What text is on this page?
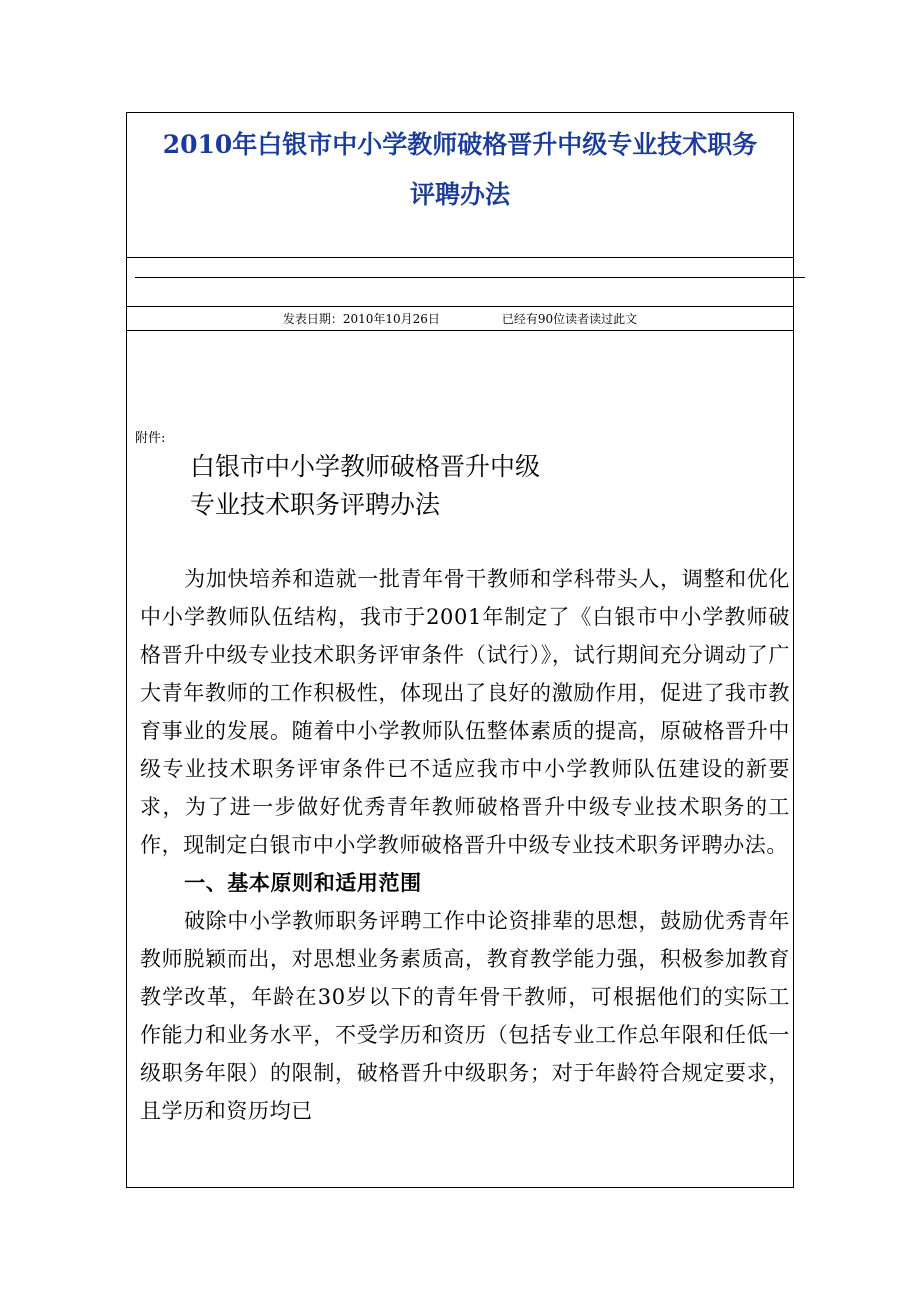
2010年白银市中小学教师破格晋升中级专业技术职务
评聘办法
发表日期：2010年10月26日	已经有90位读者读过此文
附件:
白银市中小学教师破格晋升中级
专业技术职务评聘办法

为加快培养和造就一批青年骨干教师和学科带头人，调整和优化中小学教师队伍结构，我市于2001年制定了《白银市中小学教师破格晋升中级专业技术职务评审条件（试行）》，试行期间充分调动了广大青年教师的工作积极性，体现出了良好的激励作用，促进了我市教育事业的发展。随着中小学教师队伍整体素质的提高，原破格晋升中级专业技术职务评审条件已不适应我市中小学教师队伍建设的新要求，为了进一步做好优秀青年教师破格晋升中级专业技术职务的工作，现制定白银市中小学教师破格晋升中级专业技术职务评聘办法。

一、基本原则和适用范围

破除中小学教师职务评聘工作中论资排辈的思想，鼓励优秀青年教师脱颖而出，对思想业务素质高，教育教学能力强，积极参加教育教学改革，年龄在30岁以下的青年骨干教师，可根据他们的实际工作能力和业务水平，不受学历和资历（包括专业工作总年限和任低一级职务年限）的限制，破格晋升中级职务；对于年龄符合规定要求，且学历和资历均已
